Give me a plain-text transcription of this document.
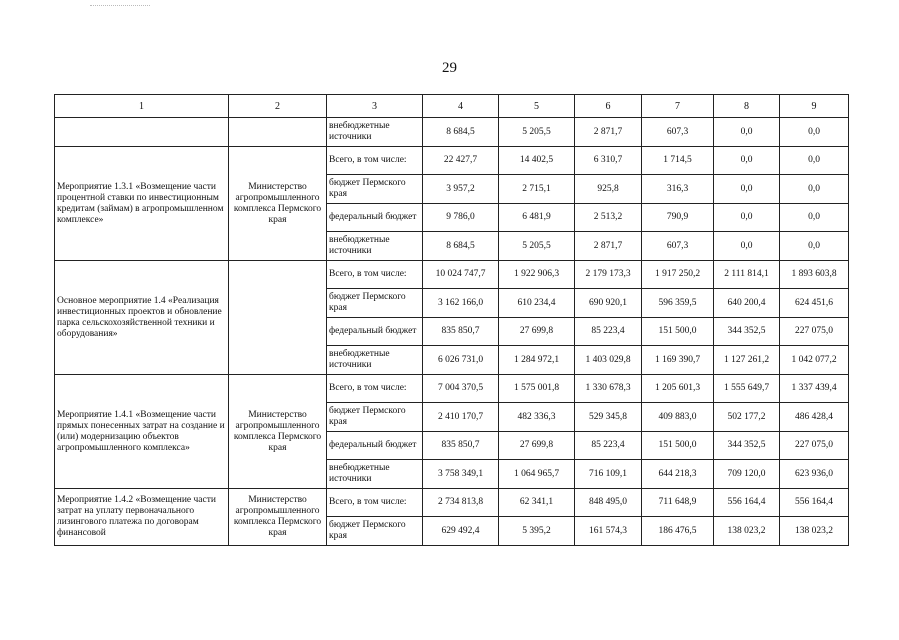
29
1	2	3	4	5	6	7	8	9
		внебюджетные источники	8 684,5	5 205,5	2 871,7	607,3	0,0	0,0
Мероприятие 1.3.1 «Возмещение части процентной ставки по инвестиционным кредитам (займам) в агропромышленном комплексе»	Министерство агропромышленного комплекса Пермского края	Всего, в том числе:	22 427,7	14 402,5	6 310,7	1 714,5	0,0	0,0
		бюджет Пермского края	3 957,2	2 715,1	925,8	316,3	0,0	0,0
		федеральный бюджет	9 786,0	6 481,9	2 513,2	790,9	0,0	0,0
		внебюджетные источники	8 684,5	5 205,5	2 871,7	607,3	0,0	0,0
Основное мероприятие 1.4 «Реализация инвестиционных проектов и обновление парка сельскохозяйственной техники и оборудования»		Всего, в том числе:	10 024 747,7	1 922 906,3	2 179 173,3	1 917 250,2	2 111 814,1	1 893 603,8
		бюджет Пермского края	3 162 166,0	610 234,4	690 920,1	596 359,5	640 200,4	624 451,6
		федеральный бюджет	835 850,7	27 699,8	85 223,4	151 500,0	344 352,5	227 075,0
		внебюджетные источники	6 026 731,0	1 284 972,1	1 403 029,8	1 169 390,7	1 127 261,2	1 042 077,2
Мероприятие 1.4.1 «Возмещение части прямых понесенных затрат на создание и (или) модернизацию объектов агропромышленного комплекса»	Министерство агропромышленного комплекса Пермского края	Всего, в том числе:	7 004 370,5	1 575 001,8	1 330 678,3	1 205 601,3	1 555 649,7	1 337 439,4
		бюджет Пермского края	2 410 170,7	482 336,3	529 345,8	409 883,0	502 177,2	486 428,4
		федеральный бюджет	835 850,7	27 699,8	85 223,4	151 500,0	344 352,5	227 075,0
		внебюджетные источники	3 758 349,1	1 064 965,7	716 109,1	644 218,3	709 120,0	623 936,0
Мероприятие 1.4.2 «Возмещение части затрат на уплату первоначального лизингового платежа по договорам финансовой	Министерство агропромышленного комплекса Пермского края	Всего, в том числе:	2 734 813,8	62 341,1	848 495,0	711 648,9	556 164,4	556 164,4
		бюджет Пермского края	629 492,4	5 395,2	161 574,3	186 476,5	138 023,2	138 023,2
